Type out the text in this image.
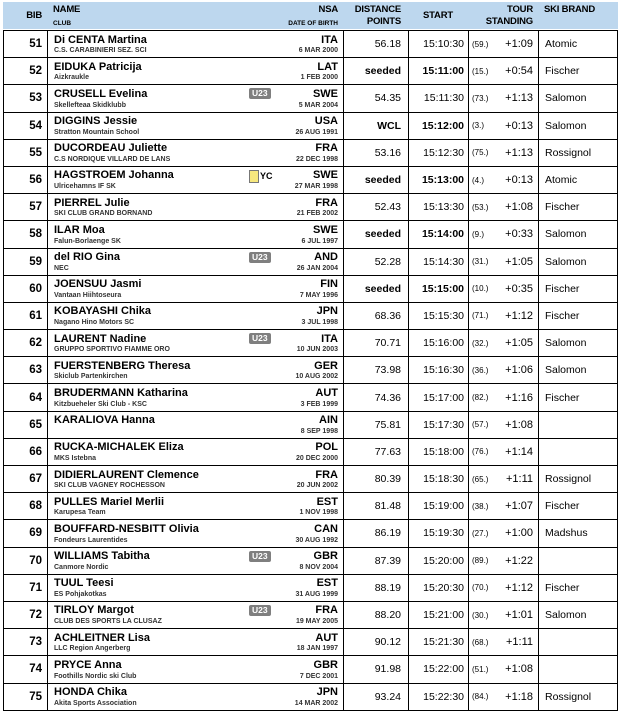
BIB
NAME
CLUB
NSA
DATE OF BIRTH
DISTANCE
POINTS
START
TOUR
STANDING
SKI BRAND
51	Di CENTA Martina
C.S. CARABINIERI SEZ. SCI
ITA
6 MAR 2000
56.18	15:10:30	(59.) +1:09	Atomic
52	EIDUKA Patricija
Aizkraukle
LAT
1 FEB 2000
seeded	15:11:00	(15.) +0:54	Fischer
53	CRUSELL Evelina
Skellefteaa Skidklubb
U23	SWE
5 MAR 2004
54.35	15:11:30	(73.) +1:13	Salomon
54	DIGGINS Jessie
Stratton Mountain School
USA
26 AUG 1991
WCL	15:12:00	(3.) +0:13	Salomon
55	DUCORDEAU Juliette
C.S NORDIQUE VILLARD DE LANS
FRA
22 DEC 1998
53.16	15:12:30	(75.) +1:13	Rossignol
56	HAGSTROEM Johanna
Ulricehamns IF SK
YC	SWE
27 MAR 1998
seeded	15:13:00	(4.) +0:13	Atomic
57	PIERREL Julie
SKI CLUB GRAND BORNAND
FRA
21 FEB 2002
52.43	15:13:30	(53.) +1:08	Fischer
58	ILAR Moa
Falun-Borlaenge SK
SWE
6 JUL 1997
seeded	15:14:00	(9.) +0:33	Salomon
59	del RIO Gina
NEC
U23	AND
26 JAN 2004
52.28	15:14:30	(31.) +1:05	Salomon
60	JOENSUU Jasmi
Vantaan Hiihtoseura
FIN
7 MAY 1996
seeded	15:15:00	(10.) +0:35	Fischer
61	KOBAYASHI Chika
Nagano Hino Motors SC
JPN
3 JUL 1998
68.36	15:15:30	(71.) +1:12	Fischer
62	LAURENT Nadine
GRUPPO SPORTIVO FIAMME ORO
U23	ITA
10 JUN 2003
70.71	15:16:00	(32.) +1:05	Salomon
63	FUERSTENBERG Theresa
Skiclub Partenkirchen
GER
10 AUG 2002
73.98	15:16:30	(36.) +1:06	Salomon
64	BRUDERMANN Katharina
Kitzbueheler Ski Club - KSC
AUT
3 FEB 1999
74.36	15:17:00	(82.) +1:16	Fischer
65	KARALIOVA Hanna	AIN
8 SEP 1998
75.81	15:17:30	(57.) +1:08
66	RUCKA-MICHALEK Eliza
MKS Istebna
POL
20 DEC 2000
77.63	15:18:00	(76.) +1:14
67	DIDIERLAURENT Clemence
SKI CLUB VAGNEY ROCHESSON
FRA
20 JUN 2002
80.39	15:18:30	(65.) +1:11	Rossignol
68	PULLES Mariel Merlii
Karupesa Team
EST
1 NOV 1998
81.48	15:19:00	(38.) +1:07	Fischer
69	BOUFFARD-NESBITT Olivia
Fondeurs Laurentides
CAN
30 AUG 1992
86.19	15:19:30	(27.) +1:00	Madshus
70	WILLIAMS Tabitha
Canmore Nordic
U23	GBR
8 NOV 2004
87.39	15:20:00	(89.) +1:22
71	TUUL Teesi
ES Pohjakotkas
EST
31 AUG 1999
88.19	15:20:30	(70.) +1:12	Fischer
72	TIRLOY Margot
CLUB DES SPORTS LA CLUSAZ
U23	FRA
19 MAY 2005
88.20	15:21:00	(30.) +1:01	Salomon
73	ACHLEITNER Lisa
LLC Region Angerberg
AUT
18 JAN 1997
90.12	15:21:30	(68.) +1:11
74	PRYCE Anna
Foothills Nordic ski Club
GBR
7 DEC 2001
91.98	15:22:00	(51.) +1:08
75	HONDA Chika
Akita Sports Association
JPN
14 MAR 2002
93.24	15:22:30	(84.) +1:18	Rossignol
